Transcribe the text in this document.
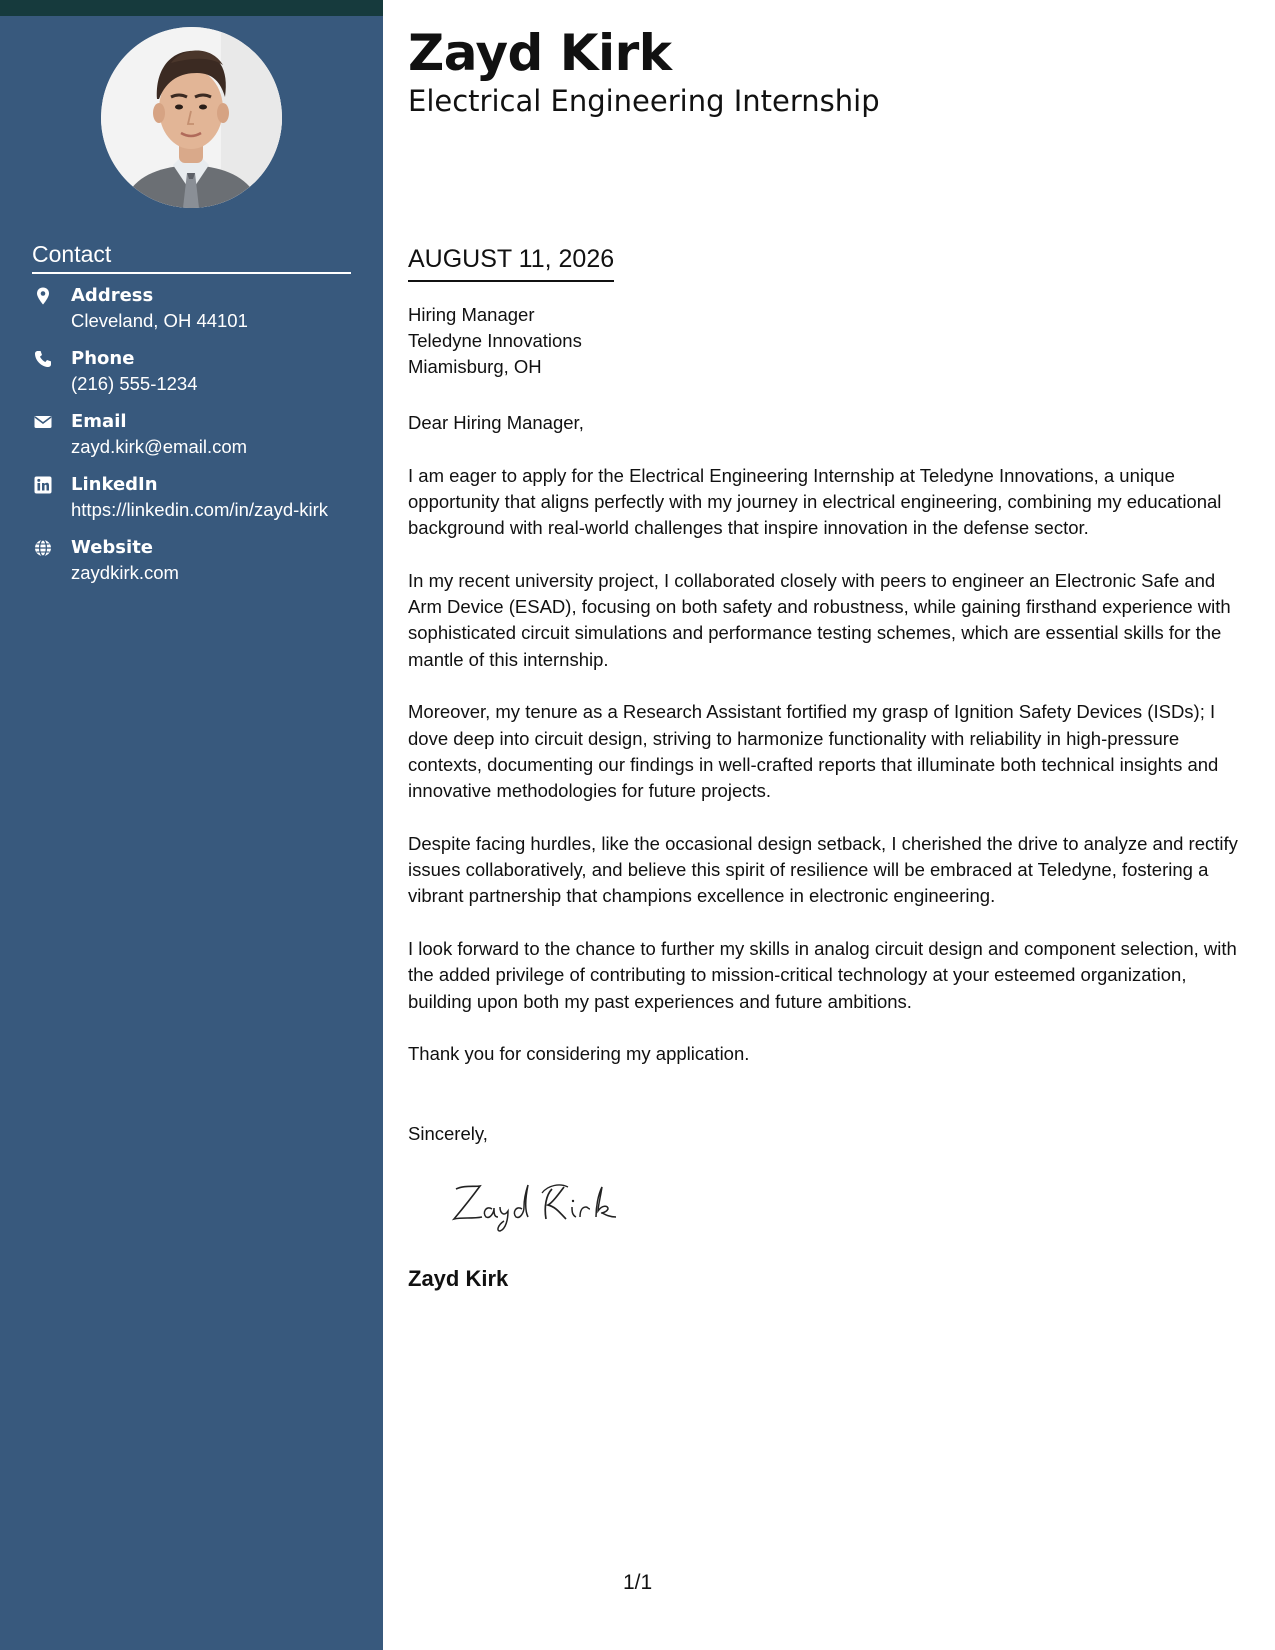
Contact
Address
Cleveland, OH 44101
Phone
(216) 555-1234
Email
zayd.kirk@email.com
LinkedIn
https://linkedin.com/in/zayd-kirk
Website
zaydkirk.com
Zayd Kirk
Electrical Engineering Internship
AUGUST 11, 2026
Hiring Manager
Teledyne Innovations
Miamisburg, OH

Dear Hiring Manager,

I am eager to apply for the Electrical Engineering Internship at Teledyne Innovations, a unique opportunity that aligns perfectly with my journey in electrical engineering, combining my educational background with real-world challenges that inspire innovation in the defense sector.

In my recent university project, I collaborated closely with peers to engineer an Electronic Safe and Arm Device (ESAD), focusing on both safety and robustness, while gaining firsthand experience with sophisticated circuit simulations and performance testing schemes, which are essential skills for the mantle of this internship.

Moreover, my tenure as a Research Assistant fortified my grasp of Ignition Safety Devices (ISDs); I dove deep into circuit design, striving to harmonize functionality with reliability in high-pressure contexts, documenting our findings in well-crafted reports that illuminate both technical insights and innovative methodologies for future projects.

Despite facing hurdles, like the occasional design setback, I cherished the drive to analyze and rectify issues collaboratively, and believe this spirit of resilience will be embraced at Teledyne, fostering a vibrant partnership that champions excellence in electronic engineering.

I look forward to the chance to further my skills in analog circuit design and component selection, with the added privilege of contributing to mission-critical technology at your esteemed organization, building upon both my past experiences and future ambitions.

Thank you for considering my application.

Sincerely,
Zayd Kirk
1/1
